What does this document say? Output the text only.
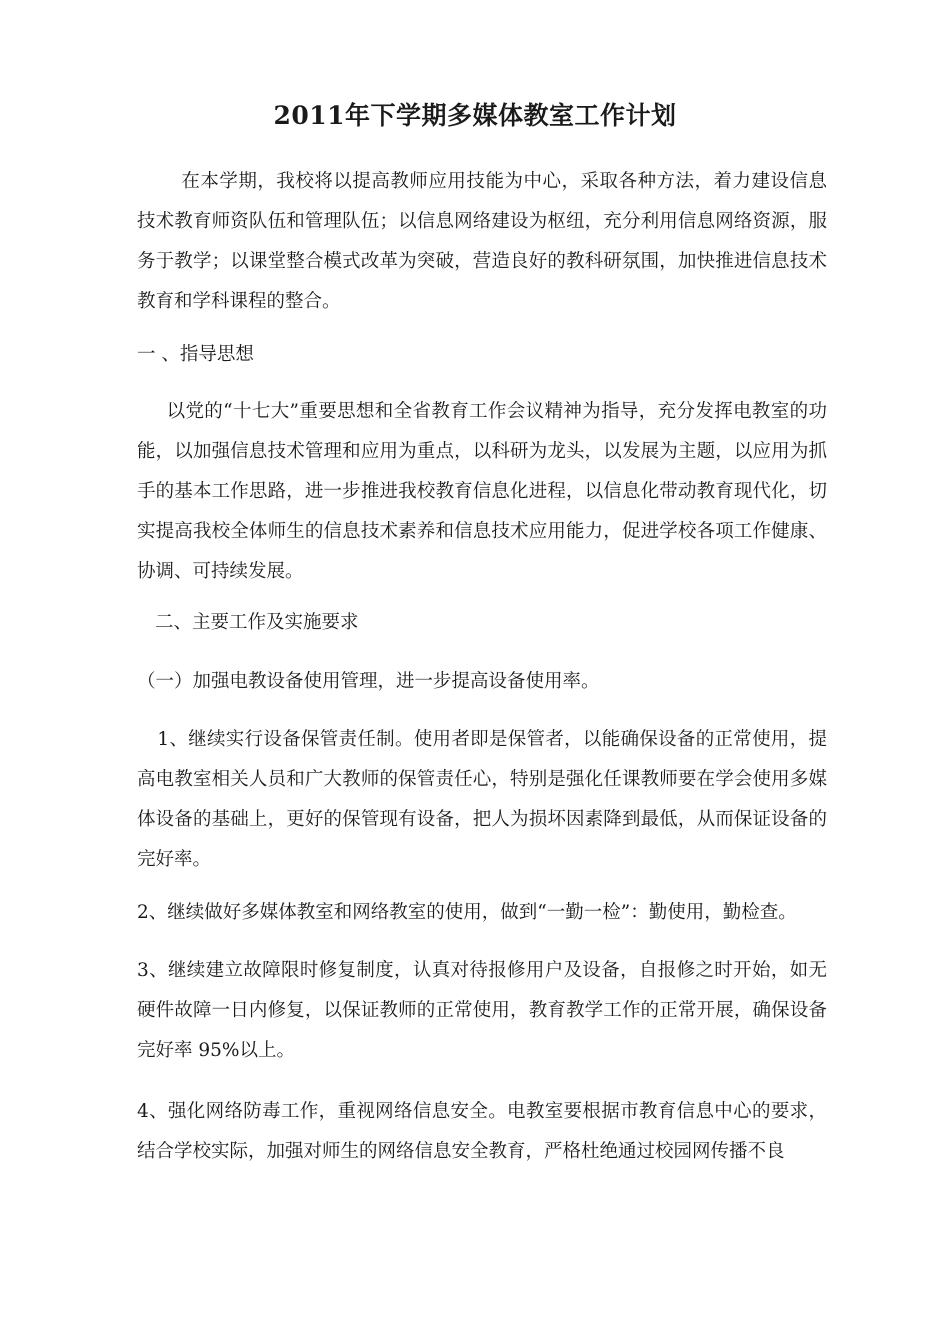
2011年下学期多媒体教室工作计划

在本学期，我校将以提高教师应用技能为中心，采取各种方法，着力建设信息技术教育师资队伍和管理队伍；以信息网络建设为枢纽，充分利用信息网络资源，服务于教学；以课堂整合模式改革为突破，营造良好的教科研氛围，加快推进信息技术教育和学科课程的整合。

一 、指导思想

以党的“十七大”重要思想和全省教育工作会议精神为指导，充分发挥电教室的功能，以加强信息技术管理和应用为重点，以科研为龙头，以发展为主题，以应用为抓手的基本工作思路，进一步推进我校教育信息化进程，以信息化带动教育现代化，切实提高我校全体师生的信息技术素养和信息技术应用能力，促进学校各项工作健康、协调、可持续发展。

二、主要工作及实施要求

（一）加强电教设备使用管理，进一步提高设备使用率。

1、继续实行设备保管责任制。使用者即是保管者，以能确保设备的正常使用，提高电教室相关人员和广大教师的保管责任心，特别是强化任课教师要在学会使用多媒体设备的基础上，更好的保管现有设备，把人为损坏因素降到最低，从而保证设备的完好率。

2、继续做好多媒体教室和网络教室的使用，做到“一勤一检”：勤使用，勤检查。

3、继续建立故障限时修复制度，认真对待报修用户及设备，自报修之时开始，如无硬件故障一日内修复，以保证教师的正常使用，教育教学工作的正常开展，确保设备完好率 95%以上。

4、强化网络防毒工作，重视网络信息安全。电教室要根据市教育信息中心的要求，结合学校实际，加强对师生的网络信息安全教育，严格杜绝通过校园网传播不良
